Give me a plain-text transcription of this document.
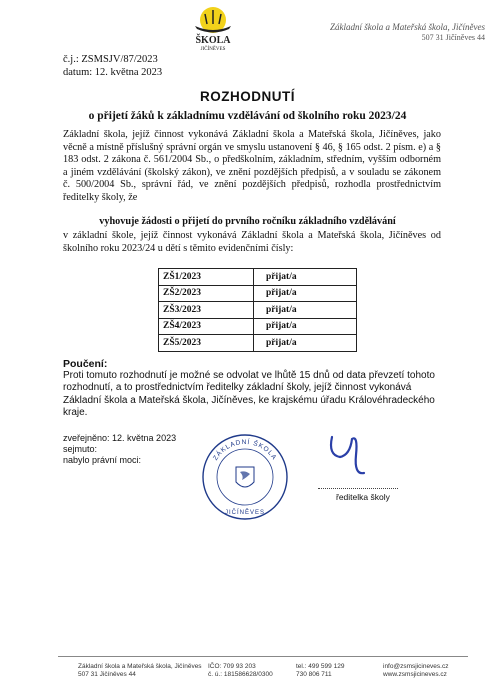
ŠKOLA
JIČÍNĚVES
Základní škola a Mateřská škola, Jičíněves
507 31 Jičíněves 44
č.j.: ZSMSJV/87/2023
datum: 12. května 2023
ROZHODNUTÍ
o přijetí žáků k základnímu vzdělávání od školního roku 2023/24
Základní škola, jejíž činnost vykonává Základní škola a Mateřská škola, Jičíněves, jako věcně a místně příslušný správní orgán ve smyslu ustanovení § 46, § 165 odst. 2 písm. e) a § 183 odst. 2 zákona č. 561/2004 Sb., o předškolním, základním, středním, vyšším odborném a jiném vzdělávání (školský zákon), ve znění pozdějších předpisů, a v souladu se zákonem č. 500/2004 Sb., správní řád, ve znění pozdějších předpisů, rozhodla prostřednictvím ředitelky školy, že
vyhovuje žádosti o přijetí do prvního ročníku základního vzdělávání
v základní škole, jejíž činnost vykonává Základní škola a Mateřská škola, Jičíněves od školního roku 2023/24 u dětí s těmito evidenčními čísly:
ZŠ1/2023	přijat/a
ZŠ2/2023	přijat/a
ZŠ3/2023	přijat/a
ZŠ4/2023	přijat/a
ZŠ5/2023	přijat/a
Poučení:
Proti tomuto rozhodnutí je možné se odvolat ve lhůtě 15 dnů od data převzetí tohoto rozhodnutí, a to prostřednictvím ředitelky základní školy, jejíž činnost vykonává Základní škola a Mateřská škola, Jičíněves, ke krajskému úřadu Královéhradeckého kraje.
zveřejněno: 12. května 2023
sejmuto:
nabylo právní moci:	ZÁKLADNÍ ŠKOLA
JIČÍNĚVES
ředitelka školy
Základní škola a Mateřská škola, Jičíněves
507 31 Jičíněves 44
IČO: 709 93 203
č. ú.: 181586628/0300
tel.: 499 599 129
730 806 711
info@zsmsjicineves.cz
www.zsmsjicineves.cz
